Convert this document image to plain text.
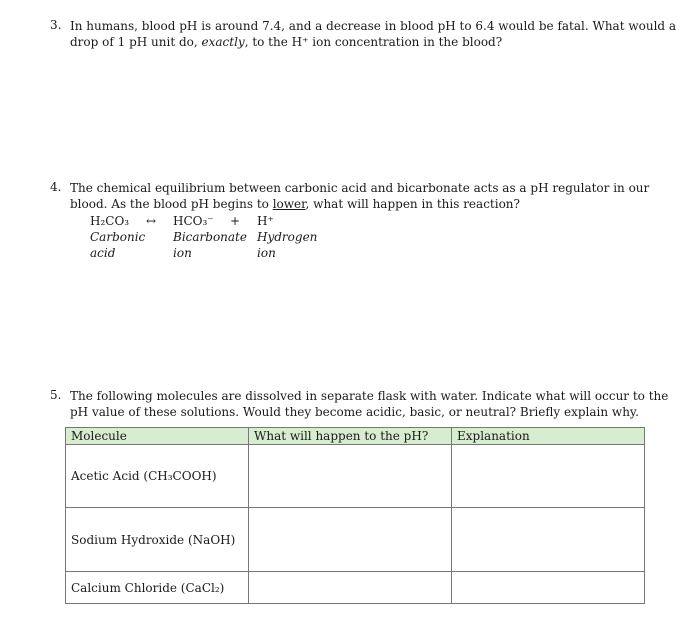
3. In humans, blood pH is around 7.4, and a decrease in blood pH to 6.4 would be fatal. What would a
drop of 1 pH unit do, exactly, to the H⁺ ion concentration in the blood?
4. The chemical equilibrium between carbonic acid and bicarbonate acts as a pH regulator in our
blood. As the blood pH begins to lower, what will happen in this reaction?
H₂CO₃ ↔ HCO₃⁻ + H⁺
Carbonic
acid
Bicarbonate
ion
Hydrogen
ion
5. The following molecules are dissolved in separate flask with water. Indicate what will occur to the
pH value of these solutions. Would they become acidic, basic, or neutral? Briefly explain why.
Molecule	What will happen to the pH?	Explanation
Acetic Acid (CH₃COOH)		
Sodium Hydroxide (NaOH)		
Calcium Chloride (CaCl₂)		
